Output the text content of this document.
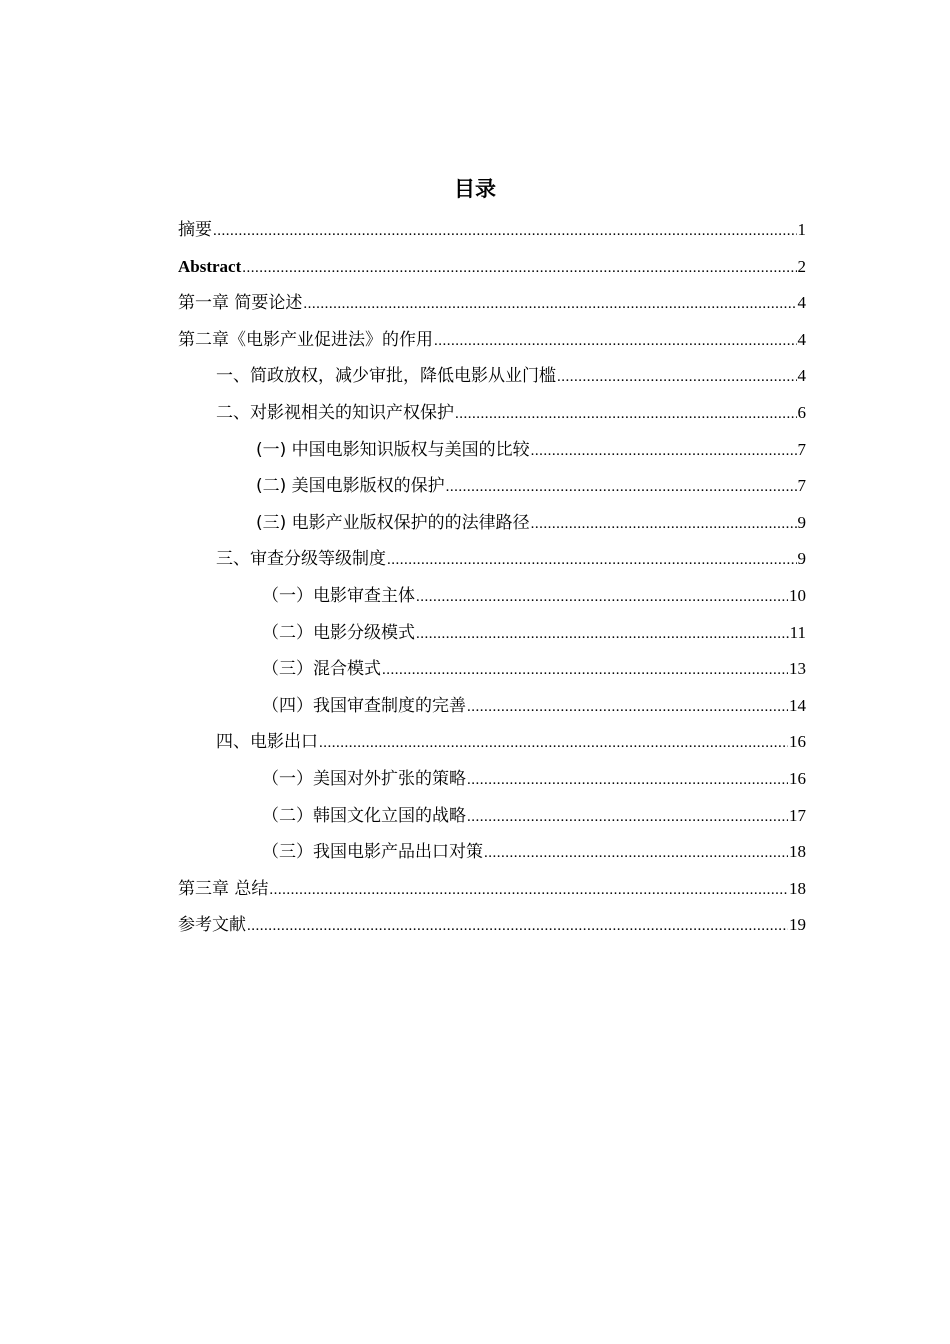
目录
摘要 .....	1
Abstract .....	2
第一章 简要论述 .....	4
第二章《电影产业促进法》的作用 .....	4
一、简政放权，减少审批，降低电影从业门槛 .....	4
二、对影视相关的知识产权保护 .....	6
(一) 中国电影知识版权与美国的比较 .....	7
(二) 美国电影版权的保护 .....	7
(三) 电影产业版权保护的的法律路径 .....	9
三、审查分级等级制度 .....	9
（一）电影审查主体 .....	10
（二）电影分级模式 .....	11
（三）混合模式 .....	13
（四）我国审查制度的完善 .....	14
四、电影出口 .....	16
（一）美国对外扩张的策略 .....	16
（二）韩国文化立国的战略 .....	17
（三）我国电影产品出口对策 .....	18
第三章 总结 .....	18
参考文献 .....	19
